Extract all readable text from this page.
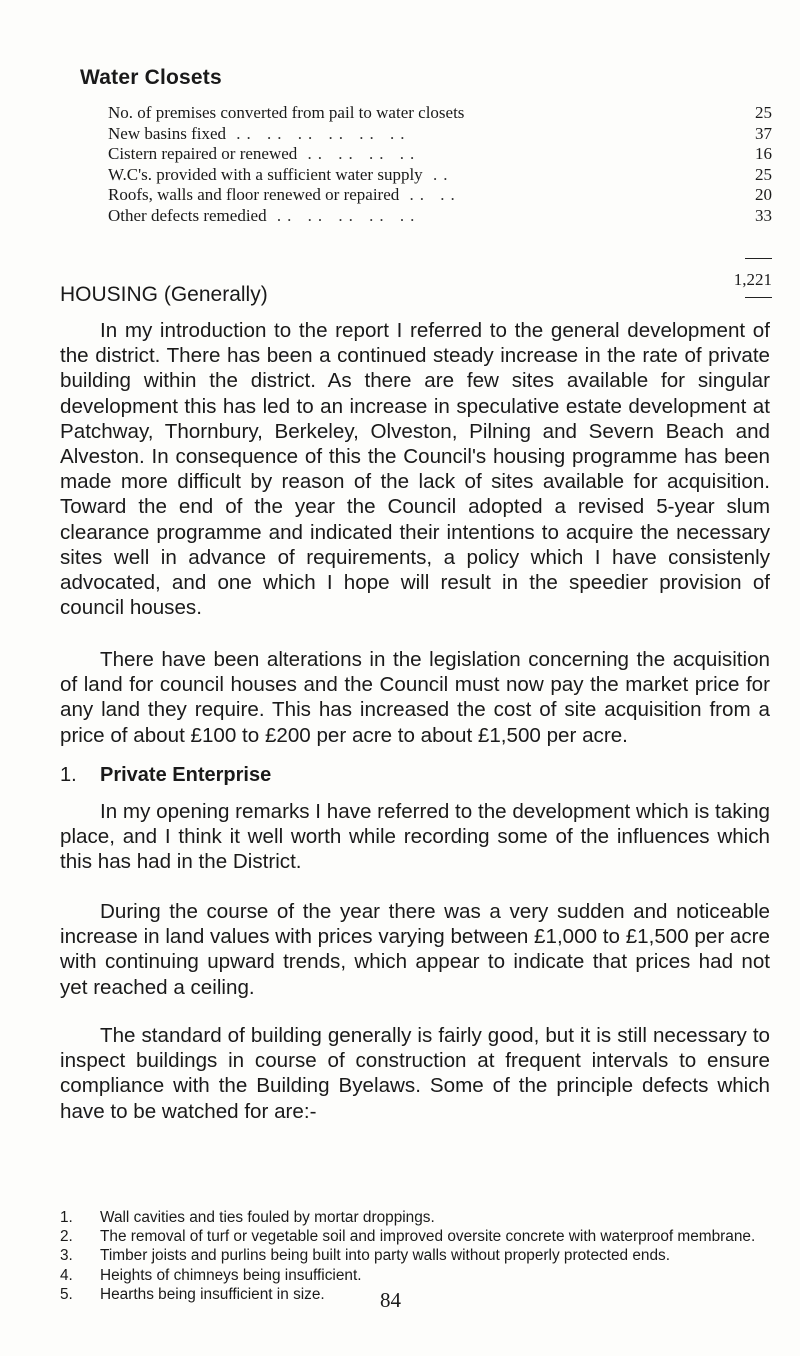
Water Closets
No. of premises converted from pail to water closets	25
New basins fixed .. .. .. .. .. ..	37
Cistern repaired or renewed .. .. .. ..	16
W.C's. provided with a sufficient water supply ..	25
Roofs, walls and floor renewed or repaired .. ..	20
Other defects remedied .. .. .. .. ..	33
1,221
HOUSING (Generally)

In my introduction to the report I referred to the general development of the district. There has been a continued steady increase in the rate of private building within the district. As there are few sites available for singular development this has led to an increase in speculative estate development at Patchway, Thornbury, Berkeley, Olveston, Pilning and Severn Beach and Alveston. In consequence of this the Council's housing programme has been made more difficult by reason of the lack of sites available for acquisition. Toward the end of the year the Council adopted a revised 5-year slum clearance programme and indicated their intentions to acquire the necessary sites well in advance of requirements, a policy which I have consistenly advocated, and one which I hope will result in the speedier provision of council houses.

There have been alterations in the legislation concerning the acquisition of land for council houses and the Council must now pay the market price for any land they require. This has increased the cost of site acquisition from a price of about £100 to £200 per acre to about £1,500 per acre.

1. Private Enterprise

In my opening remarks I have referred to the development which is taking place, and I think it well worth while recording some of the influences which this has had in the District.

During the course of the year there was a very sudden and noticeable increase in land values with prices varying between £1,000 to £1,500 per acre with continuing upward trends, which appear to indicate that prices had not yet reached a ceiling.

The standard of building generally is fairly good, but it is still necessary to inspect buildings in course of construction at frequent intervals to ensure compliance with the Building Byelaws. Some of the principle defects which have to be watched for are:-

1.	Wall cavities and ties fouled by mortar droppings.
2.	The removal of turf or vegetable soil and improved oversite concrete with waterproof membrane.
3.	Timber joists and purlins being built into party walls without properly protected ends.
4.	Heights of chimneys being insufficient.
5.	Hearths being insufficient in size.	84
